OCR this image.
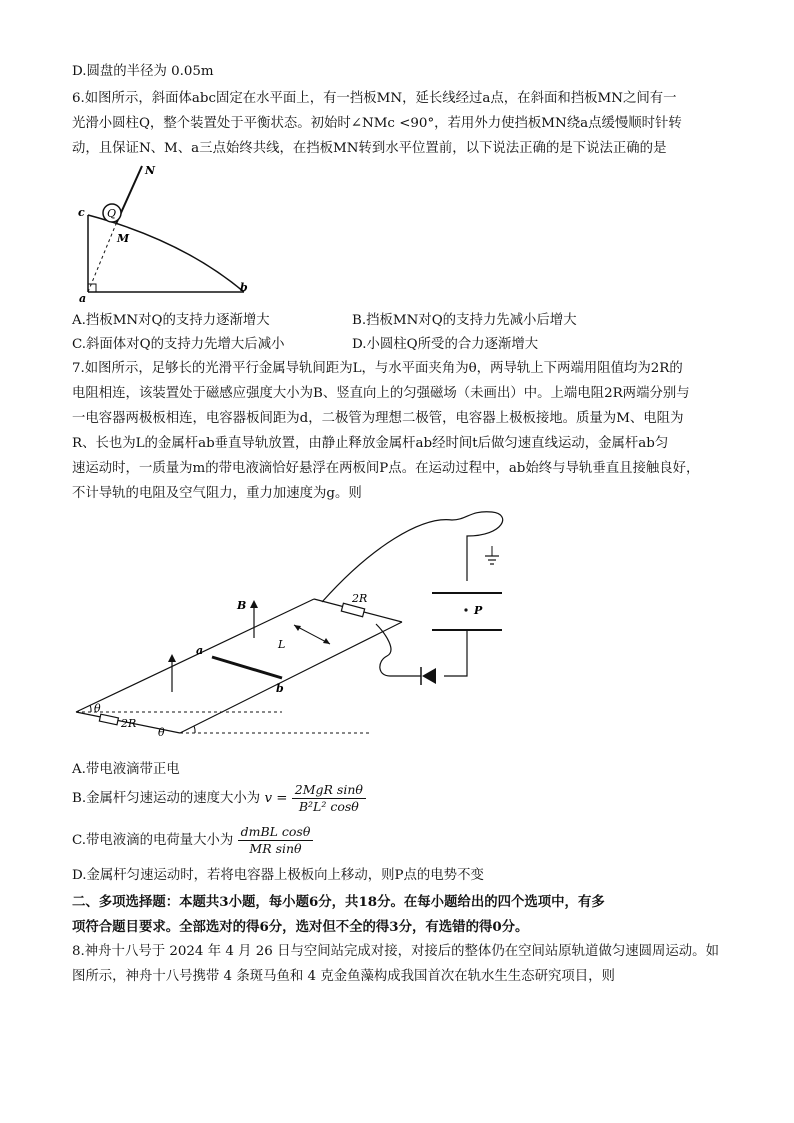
D.圆盘的半径为 0.05m
6.如图所示，斜面体abc固定在水平面上，有一挡板MN，延长线经过a点，在斜面和挡板MN之间有一
光滑小圆柱Q，整个装置处于平衡状态。初始时∠NMc <90°，若用外力使挡板MN绕a点缓慢顺时针转
动，且保证N、M、a三点始终共线，在挡板MN转到水平位置前，以下说法正确的是下说法正确的是
Q
N
c
M
a
b
A.挡板MN对Q的支持力逐渐增大	B.挡板MN对Q的支持力先减小后增大
C.斜面体对Q的支持力先增大后减小	D.小圆柱Q所受的合力逐渐增大
7.如图所示，足够长的光滑平行金属导轨间距为L，与水平面夹角为θ，两导轨上下两端用阻值均为2R的
电阻相连，该装置处于磁感应强度大小为B、竖直向上的匀强磁场（未画出）中。上端电阻2R两端分别与
一电容器两极板相连，电容器板间距为d，二极管为理想二极管，电容器上极板接地。质量为M、电阻为
R、长也为L的金属杆ab垂直导轨放置，由静止释放金属杆ab经时间t后做匀速直线运动，金属杆ab匀
速运动时，一质量为m的带电液滴恰好悬浮在两板间P点。在运动过程中，ab始终与导轨垂直且接触良好，
不计导轨的电阻及空气阻力，重力加速度为g。则
θ
θ
2R
2R
a
b
L
B	P
A.带电液滴带正电
B.金属杆匀速运动的速度大小为 $v = \frac{\text{2MgR sinθ}}{\text{B²L² cosθ}}$
C.带电液滴的电荷量大小为 $\frac{\text{dmBL cosθ}}{\text{MR sinθ}}$
D.金属杆匀速运动时，若将电容器上极板向上移动，则P点的电势不变
二、多项选择题：本题共3小题，每小题6分，共18分。在每小题给出的四个选项中，有多
项符合题目要求。全部选对的得6分，选对但不全的得3分，有选错的得0分。
8.神舟十八号于 2024 年 4 月 26 日与空间站完成对接，对接后的整体仍在空间站原轨道做匀速圆周运动。如
图所示，神舟十八号携带 4 条斑马鱼和 4 克金鱼藻构成我国首次在轨水生生态研究项目，则
